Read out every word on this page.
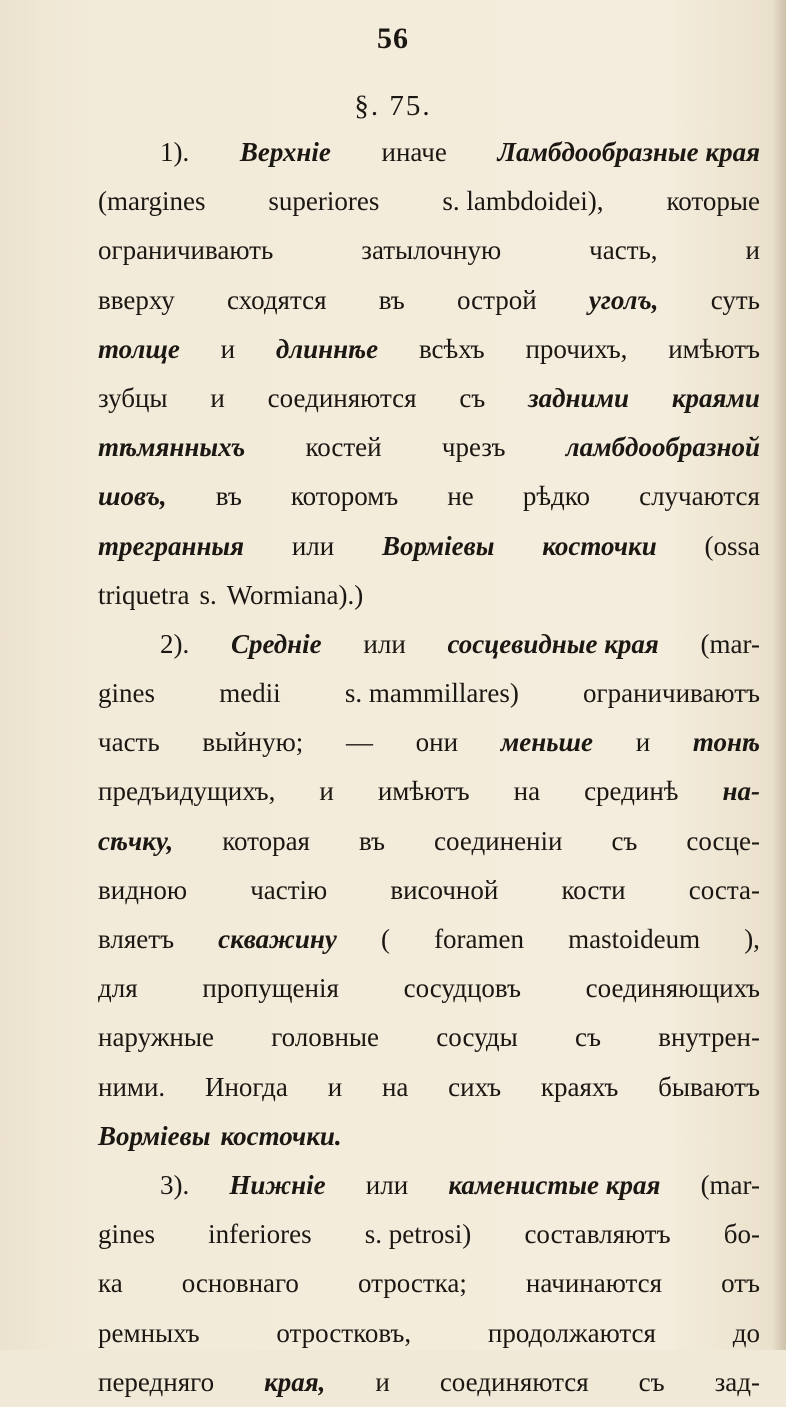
56
§. 75.
1). Верхнiе иначе Ламбдообразные края
(margines superiores s. lambdoidei), которые
ограничивають	затылочную	часть,	и
вверху сходятся въ острой уголъ, суть
толще и длиннѣе всѣхъ прочихъ, имѣютъ
зубцы и соединяются съ задними краями
тѣмянныхъ костей чрезъ ламбдообразной
шовъ, въ которомъ не рѣдко случаются
трегранныя или Вормiевы косточки (ossa
triquetra s. Wormiana).)
2). Среднiе или сосцевидные края (mar-
gines medii s. mammillares) ограничиваютъ
часть выйную; — они меньше и тонѣ
предъидущихъ, и имѣютъ на срединѣ на-
сѣчку, которая въ соединенiи съ сосце-
видною частiю височной кости соста-
вляетъ скважину ( foramen mastoideum ),
для пропущенiя сосудцовъ соединяющихъ
наружные головные сосуды съ внутрен-
ними. Иногда и на сихъ краяхъ бываютъ
Вормiевы косточки.
3). Нижнiе или каменистые края (mar-
gines inferiores s. petrosi) составляютъ бо-
ка основнаго отростка; начинаются отъ
ремныхъ	отростковъ,	продолжаются	до
передняго края, и соединяются съ зад-
